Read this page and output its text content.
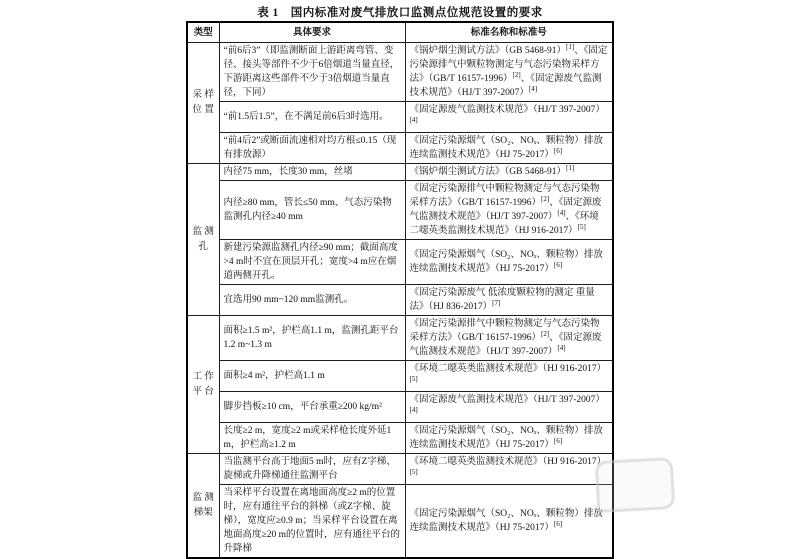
表 1　国内标准对废气排放口监测点位规范设置的要求
类型	具体要求	标准名称和标准号
采 样 位 置	“前6后3”（即监测断面上游距离弯管、变径、接头等部件不少于6倍烟道当量直径，下游距离这些部件不少于3倍烟道当量直径，下同）	《锅炉烟尘测试方法》（GB 5468-91）[1]、《固定污染源排气中颗粒物测定与气态污染物采样方法》（GB/T 16157-1996）[2]、《固定源废气监测技术规范》（HJ/T 397-2007）[4]
	“前1.5后1.5”，在不满足前6后3时选用。	《固定源废气监测技术规范》（HJ/T 397-2007）[4]
	“前4后2”或断面流速相对均方根≤0.15（现有排放源）	《固定污染源烟气（SO₂、NOₓ、颗粒物）排放连续监测技术规范》（HJ 75-2017）[6]
监 测 孔	内径75 mm，长度30 mm，丝堵	《锅炉烟尘测试方法》（GB 5468-91）[1]
	内径≥80 mm，管长≤50 mm、气态污染物监测孔内径≥40 mm	《固定污染源排气中颗粒物测定与气态污染物采样方法》（GB/T 16157-1996）[2]、《固定源废气监测技术规范》（HJ/T 397-2007）[4]、《环境二噁英类监测技术规范》（HJ 916-2017）[5]
	新建污染源监测孔内径≥90 mm；截面高度>4 m时不宜在顶层开孔；宽度>4 m应在烟道两侧开孔。	《固定污染源烟气（SO₂、NOₓ、颗粒物）排放连续监测技术规范》（HJ 75-2017）[6]
	宜选用90 mm~120 mm监测孔。	《固定污染源废气 低浓度颗粒物的测定 重量法》（HJ 836-2017）[7]
工 作 平 台	面积≥1.5 m²，护栏高1.1 m，监测孔距平台1.2 m~1.3 m	《固定污染源排气中颗粒物测定与气态污染物采样方法》（GB/T 16157-1996）[2]、《固定源废气监测技术规范》（HJ/T 397-2007）[4]
	面积≥4 m²，护栏高1.1 m	《环境二噁英类监测技术规范》（HJ 916-2017）[5]
	脚步挡板≥10 cm，平台承重≥200 kg/m²	《固定源废气监测技术规范》（HJ/T 397-2007）[4]
	长度≥2 m，宽度≥2 m或采样枪长度外延1 m，护栏高≥1.2 m	《固定污染源烟气（SO₂、NOₓ、颗粒物）排放连续监测技术规范》（HJ 75-2017）[6]
监 测 梯架	当监测平台高于地面5 m时，应有Z字梯、旋梯或升降梯通往监测平台	《环境二噁英类监测技术规范》（HJ 916-2017）[5]
	当采样平台设置在离地面高度≥2 m的位置时，应有通往平台的斜梯（或Z字梯、旋梯），宽度应≥0.9 m；当采样平台设置在离地面高度≥20 m的位置时，应有通往平台的升降梯	《固定污染源烟气（SO₂、NOₓ、颗粒物）排放连续监测技术规范》（HJ 75-2017）[6]
